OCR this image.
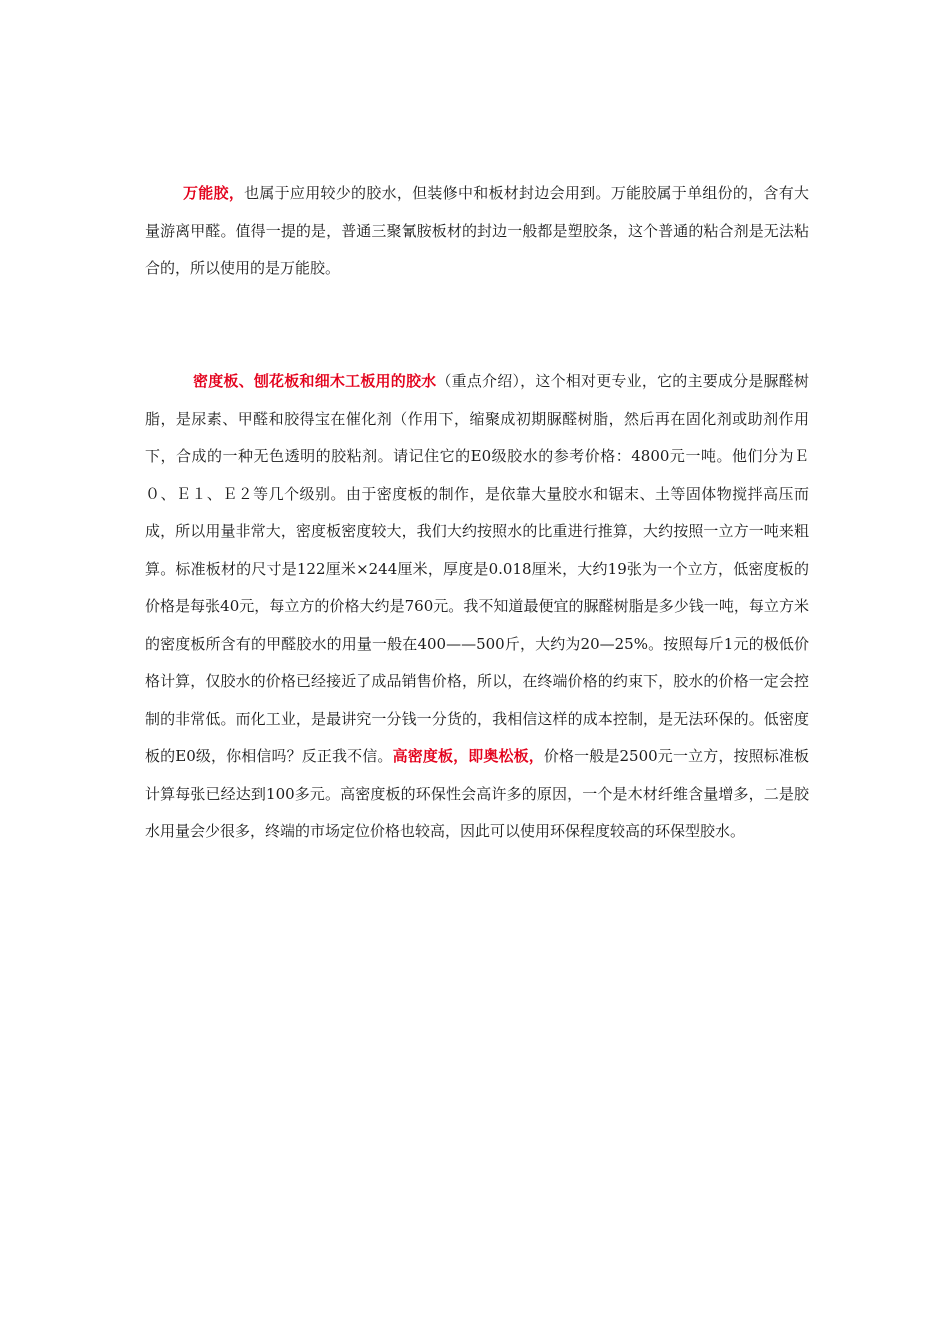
万能胶，也属于应用较少的胶水，但装修中和板材封边会用到。万能胶属于单组份的，含有大量游离甲醛。值得一提的是，普通三聚氰胺板材的封边一般都是塑胶条，这个普通的粘合剂是无法粘合的，所以使用的是万能胶。

密度板、刨花板和细木工板用的胶水（重点介绍），这个相对更专业，它的主要成分是脲醛树脂，是尿素、甲醛和胶得宝在催化剂（作用下，缩聚成初期脲醛树脂，然后再在固化剂或助剂作用下，合成的一种无色透明的胶粘剂。请记住它的E0级胶水的参考价格：4800元一吨。他们分为Ｅ０、Ｅ１、Ｅ２等几个级别。由于密度板的制作，是依靠大量胶水和锯末、土等固体物搅拌高压而成，所以用量非常大，密度板密度较大，我们大约按照水的比重进行推算，大约按照一立方一吨来粗算。标准板材的尺寸是122厘米×244厘米，厚度是0.018厘米，大约19张为一个立方，低密度板的价格是每张40元，每立方的价格大约是760元。我不知道最便宜的脲醛树脂是多少钱一吨，每立方米的密度板所含有的甲醛胶水的用量一般在400——500斤，大约为20—25%。按照每斤1元的极低价格计算，仅胶水的价格已经接近了成品销售价格，所以，在终端价格的约束下，胶水的价格一定会控制的非常低。而化工业，是最讲究一分钱一分货的，我相信这样的成本控制，是无法环保的。低密度板的E0级，你相信吗？反正我不信。高密度板，即奥松板，价格一般是2500元一立方，按照标准板计算每张已经达到100多元。高密度板的环保性会高许多的原因，一个是木材纤维含量增多，二是胶水用量会少很多，终端的市场定位价格也较高，因此可以使用环保程度较高的环保型胶水。
